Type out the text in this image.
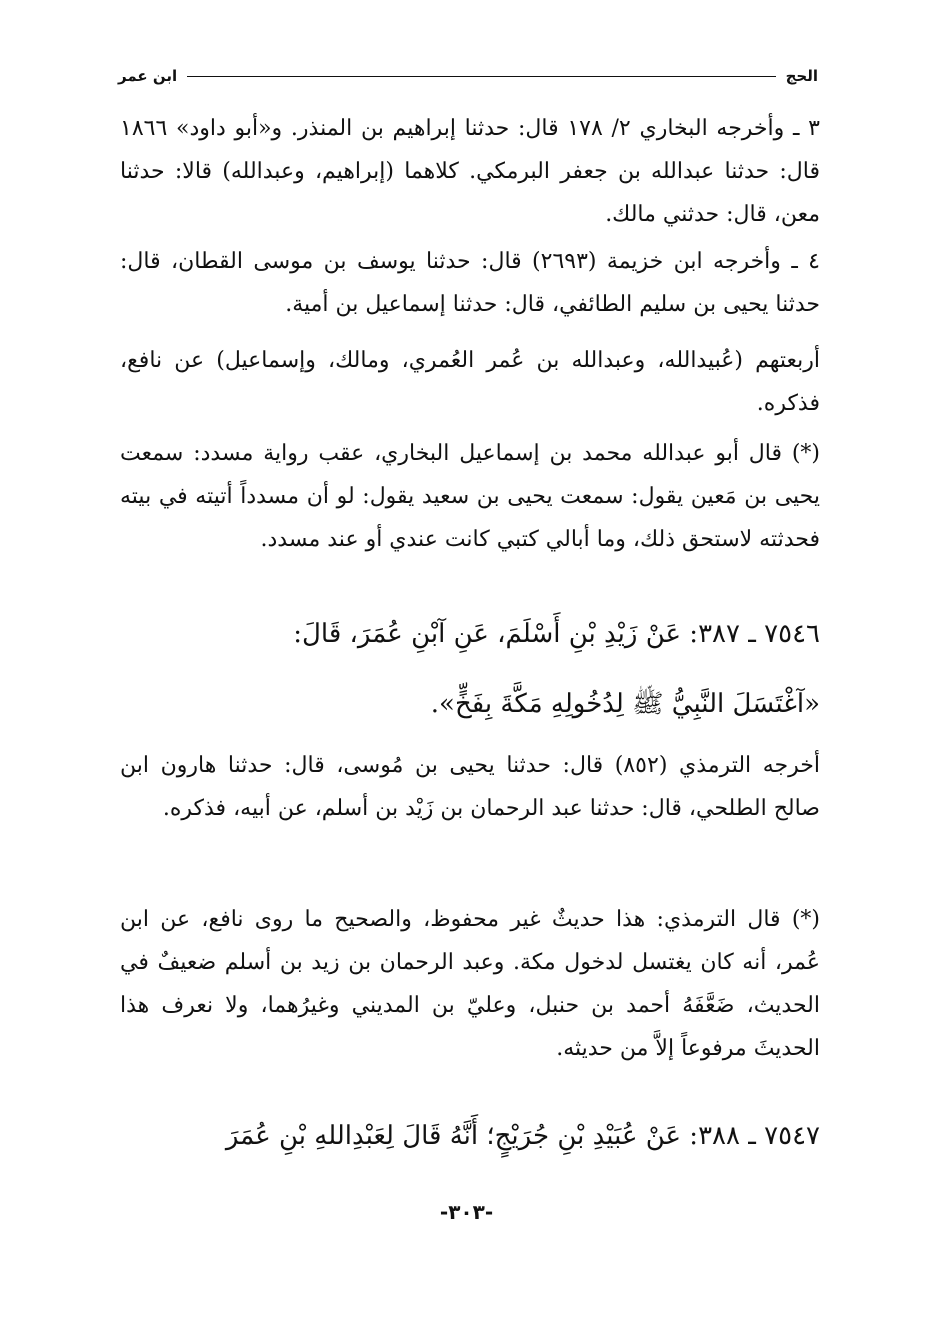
الحج
ابن عمر

٣ ـ وأخرجه البخاري ٢/ ١٧٨ قال: حدثنا إبراهيم بن المنذر. و«أبو داود» ١٨٦٦ قال: حدثنا عبدالله بن جعفر البرمكي. كلاهما (إبراهيم، وعبدالله) قالا: حدثنا معن، قال: حدثني مالك.

٤ ـ وأخرجه ابن خزيمة (٢٦٩٣) قال: حدثنا يوسف بن موسى القطان، قال: حدثنا يحيى بن سليم الطائفي، قال: حدثنا إسماعيل بن أمية.

أربعتهم (عُبيدالله، وعبدالله بن عُمر العُمري، ومالك، وإسماعيل) عن نافع، فذكره.

(*) قال أبو عبدالله محمد بن إسماعيل البخاري، عقب رواية مسدد: سمعت يحيى بن مَعين يقول: سمعت يحيى بن سعيد يقول: لو أن مسدداً أتيته في بيته فحدثته لاستحق ذلك، وما أبالي كتبي كانت عندي أو عند مسدد.

٧٥٤٦ ـ ٣٨٧: عَنْ زَيْدِ بْنِ أَسْلَمَ، عَنِ آبْنِ عُمَرَ، قَالَ:

«آغْتَسَلَ النَّبِيُّ ﷺ لِدُخُولِهِ مَكَّةَ بِفَخٍّ».

أخرجه الترمذي (٨٥٢) قال: حدثنا يحيى بن مُوسى، قال: حدثنا هارون ابن صالح الطلحي، قال: حدثنا عبد الرحمان بن زَيْد بن أسلم، عن أبيه، فذكره.

(*) قال الترمذي: هذا حديثٌ غير محفوظ، والصحيح ما روى نافع، عن ابن عُمر، أنه كان يغتسل لدخول مكة. وعبد الرحمان بن زيد بن أسلم ضعيفٌ في الحديث، ضَعَّفَهُ أحمد بن حنبل، وعليّ بن المديني وغيرُهما، ولا نعرف هذا الحديثَ مرفوعاً إلاَّ من حديثه.

٧٥٤٧ ـ ٣٨٨: عَنْ عُبَيْدِ بْنِ جُرَيْجٍ؛ أَنَّهُ قَالَ لِعَبْدِاللهِ بْنِ عُمَرَ

-٣٠٣-
